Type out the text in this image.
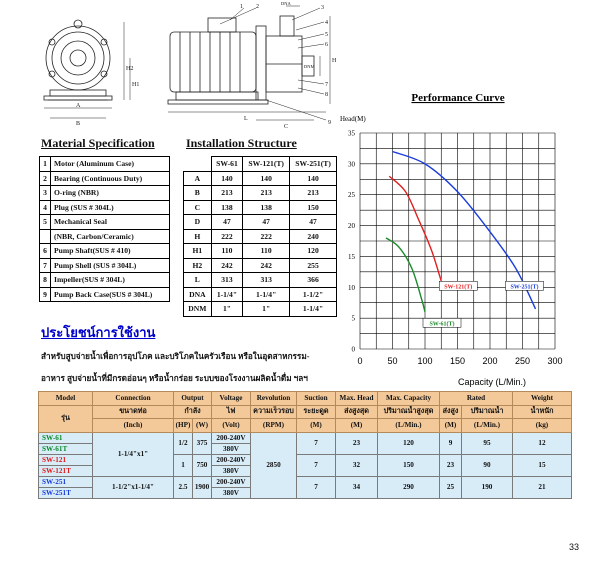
A
B
H2
H1
1 2	3
4
5
6
7
8
9
DNM
DNA
H
L
C
Material Specification
1	Motor (Aluminum Case)
2	Bearing (Continuous Duty)
3	O-ring (NBR)
4	Plug (SUS # 304L)
5	Mechanical Seal
	(NBR, Carbon/Ceramic)
6	Pump Shaft(SUS # 410)
7	Pump Shell (SUS # 304L)
8	Impeller(SUS # 304L)
9	Pump Back Case(SUS # 304L)
Installation Structure
	SW-61	SW-121(T)	SW-251(T)
A	140	140	140
B	213	213	213
C	138	138	150
D	47	47	47
H	222	222	240
H1	110	110	120
H2	242	242	255
L	313	313	366
DNA	1-1/4"	1-1/4"	1-1/2"
DNM	1"	1"	1-1/4"
ประโยชน์การใช้งาน
สำหรับสูบจ่ายน้ำเพื่อการอุปโภค และบริโภคในครัวเรือน หรือในอุตสาหกรรม-
อาหาร สูบจ่ายน้ำที่มีกรดอ่อนๆ หรือน้ำกร่อย ระบบของโรงงานผลิตน้ำดื่ม ฯลฯ
Performance Curve
Head(M)
Capacity (L/Min.)
0
5
10
15
20
25
30
35
0	50 100 150 200 250 300
SW-61(T)
SW-121(T)	SW-251(T)
Model	Connection	Output		Voltage	Revolution	Suction	Max. Head	Max. Capacity	Rated		Weight
รุ่น	ขนาดท่อ	กำลัง		ไฟ	ความเร็วรอบ	ระยะดูด	ส่งสูงสุด	ปริมาณน้ำสูงสุด	ส่งสูง	ปริมาณน้ำ	น้ำหนัก
	(Inch)	(HP)	(W)	(Volt)	(RPM)	(M)	(M)	(L/Min.)	(M)	(L/Min.)	(kg)
SW-61	1-1/4"x1"	1/2	375	200-240V	2850	7	23	120	9	95	12
SW-61T				380V							
SW-121		1	750	200-240V		7	32	150	23	90	15
SW-121T				380V							
SW-251	1-1/2"x1-1/4"	2.5	1900	200-240V		7	34	290	25	190	21
SW-251T				380V							
33
